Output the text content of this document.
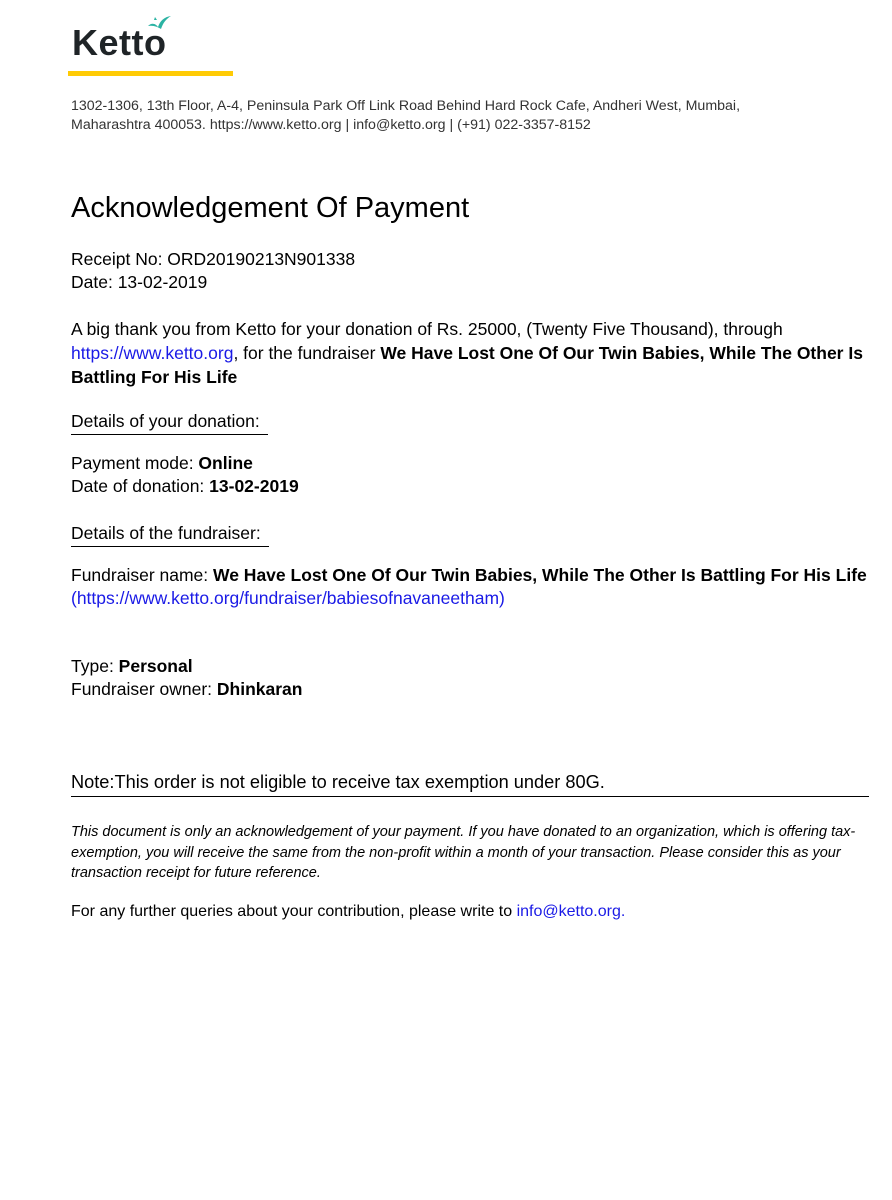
Ketto
1302-1306, 13th Floor, A-4, Peninsula Park Off Link Road Behind Hard Rock Cafe, Andheri West, Mumbai,
Maharashtra 400053. https://www.ketto.org | info@ketto.org | (+91) 022-3357-8152
Acknowledgement Of Payment
Receipt No: ORD20190213N901338
Date: 13-02-2019
A big thank you from Ketto for your donation of Rs. 25000, (Twenty Five Thousand), through https://www.ketto.org, for the fundraiser We Have Lost One Of Our Twin Babies, While The Other Is Battling For His Life
Details of your donation:
Payment mode: Online
Date of donation: 13-02-2019
Details of the fundraiser:
Fundraiser name: We Have Lost One Of Our Twin Babies, While The Other Is Battling For His Life
(https://www.ketto.org/fundraiser/babiesofnavaneetham)
Type: Personal
Fundraiser owner: Dhinkaran
Note:This order is not eligible to receive tax exemption under 80G.
This document is only an acknowledgement of your payment. If you have donated to an organization, which is offering tax-exemption, you will receive the same from the non-profit within a month of your transaction. Please consider this as your transaction receipt for future reference.
For any further queries about your contribution, please write to info@ketto.org.
